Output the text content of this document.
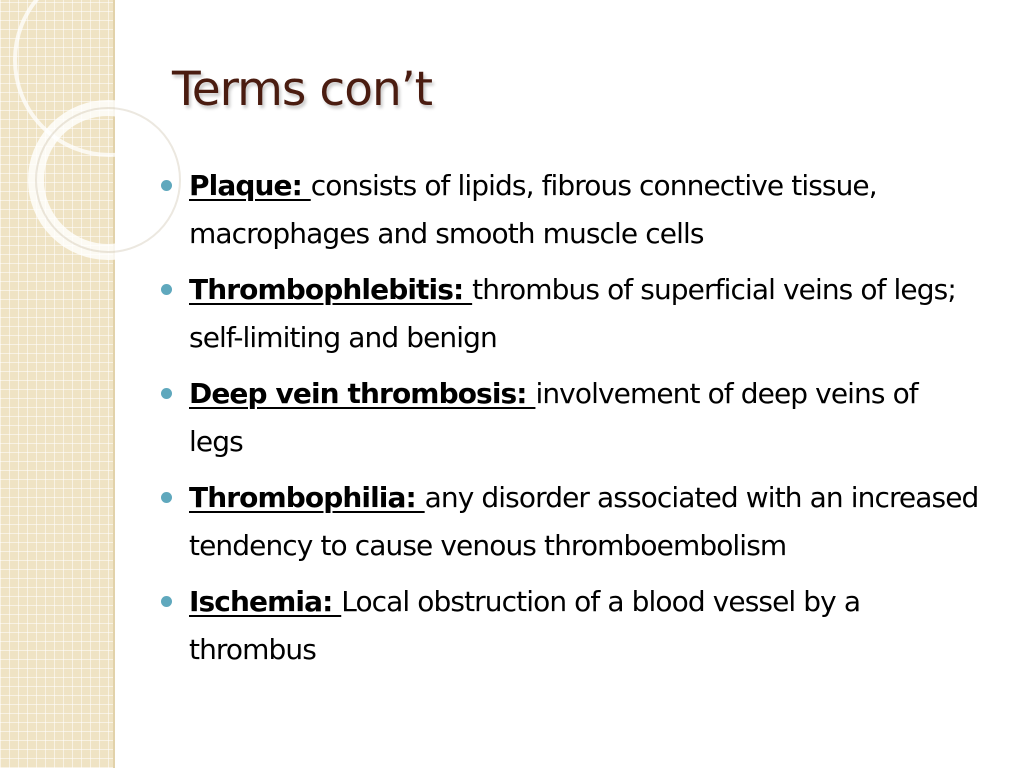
Terms con’t
Plaque: consists of lipids, fibrous connective tissue, macrophages and smooth muscle cells
Thrombophlebitis: thrombus of superficial veins of legs; self-limiting and benign
Deep vein thrombosis: involvement of deep veins of legs
Thrombophilia: any disorder associated with an increased tendency to cause venous thromboembolism
Ischemia: Local obstruction of a blood vessel by a thrombus
